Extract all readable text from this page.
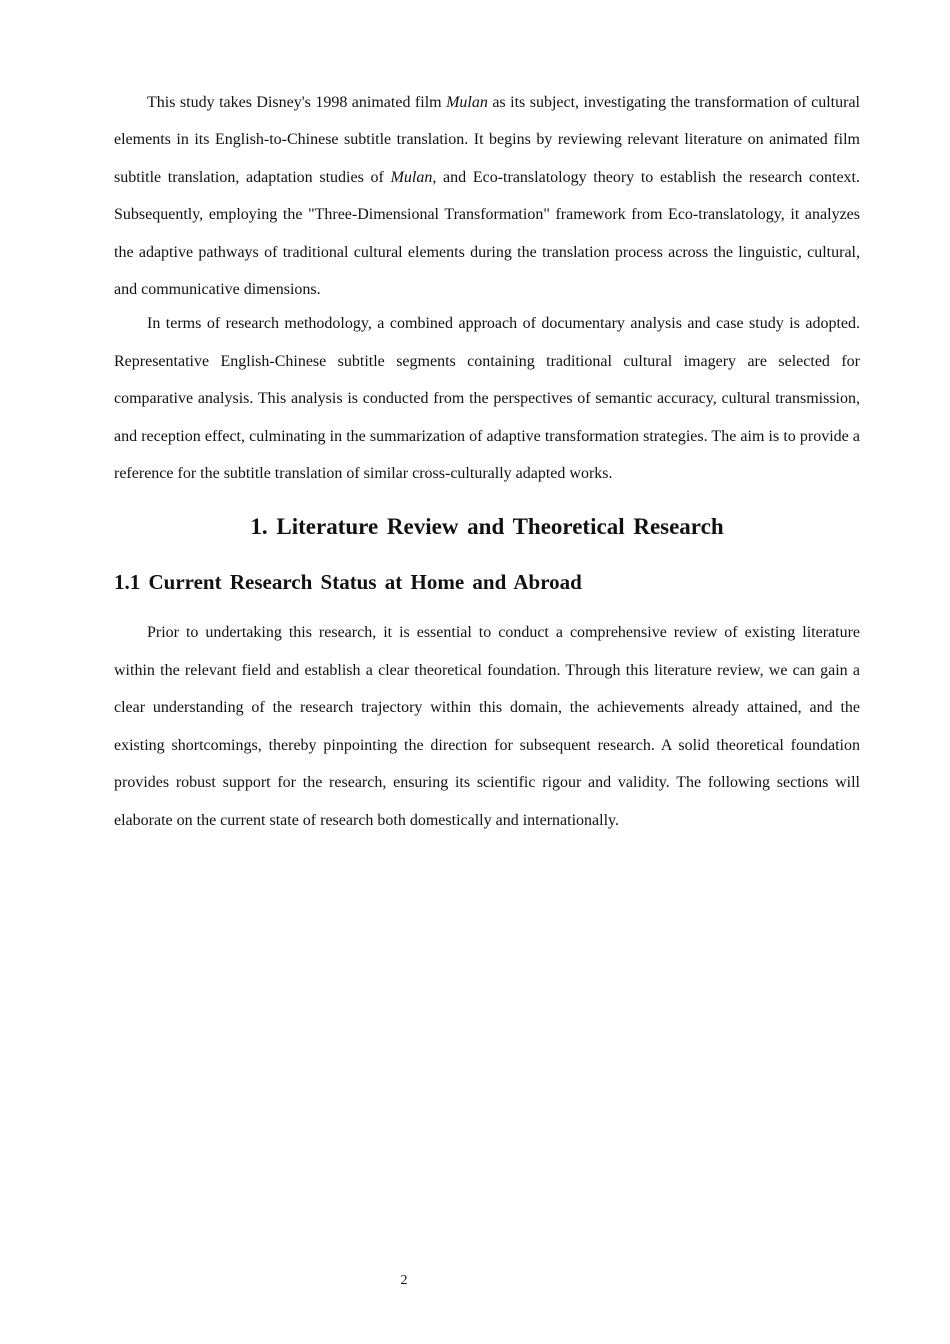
This study takes Disney's 1998 animated film Mulan as its subject, investigating the transformation of cultural elements in its English-to-Chinese subtitle translation. It begins by reviewing relevant literature on animated film subtitle translation, adaptation studies of Mulan, and Eco-translatology theory to establish the research context. Subsequently, employing the "Three-Dimensional Transformation" framework from Eco-translatology, it analyzes the adaptive pathways of traditional cultural elements during the translation process across the linguistic, cultural, and communicative dimensions.

In terms of research methodology, a combined approach of documentary analysis and case study is adopted. Representative English-Chinese subtitle segments containing traditional cultural imagery are selected for comparative analysis. This analysis is conducted from the perspectives of semantic accuracy, cultural transmission, and reception effect, culminating in the summarization of adaptive transformation strategies. The aim is to provide a reference for the subtitle translation of similar cross-culturally adapted works.

1. Literature Review and Theoretical Research
1.1 Current Research Status at Home and Abroad

Prior to undertaking this research, it is essential to conduct a comprehensive review of existing literature within the relevant field and establish a clear theoretical foundation. Through this literature review, we can gain a clear understanding of the research trajectory within this domain, the achievements already attained, and the existing shortcomings, thereby pinpointing the direction for subsequent research. A solid theoretical foundation provides robust support for the research, ensuring its scientific rigour and validity. The following sections will elaborate on the current state of research both domestically and internationally.

2
